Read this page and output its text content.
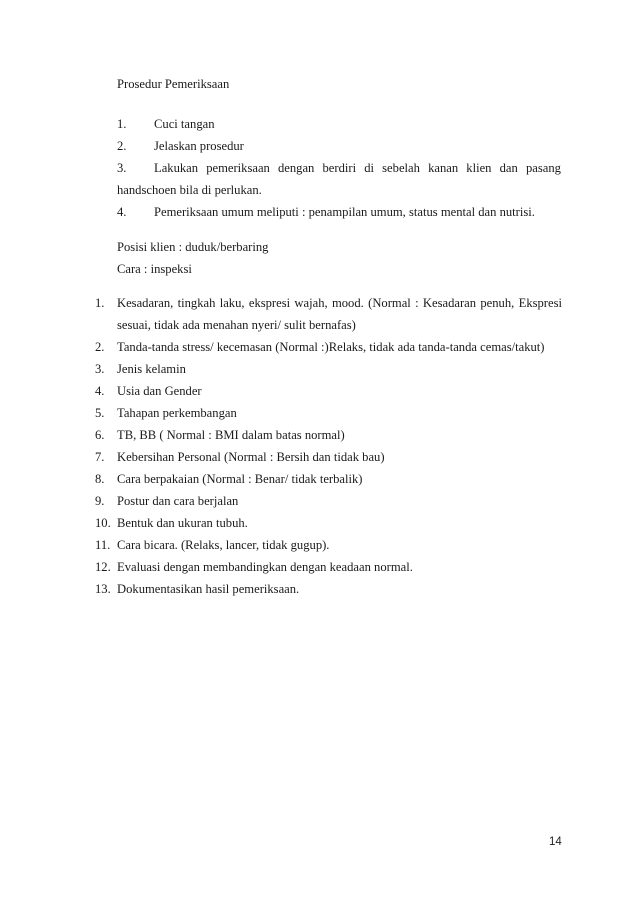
Prosedur Pemeriksaan
1. Cuci tangan
2. Jelaskan prosedur
3. Lakukan pemeriksaan dengan berdiri di sebelah kanan klien dan pasang
handschoen bila di perlukan.
4. Pemeriksaan umum meliputi : penampilan umum, status mental dan nutrisi.
Posisi klien : duduk/berbaring
Cara : inspeksi
1. Kesadaran, tingkah laku, ekspresi wajah, mood. (Normal : Kesadaran penuh, Ekspresi sesuai, tidak ada menahan nyeri/ sulit bernafas)
2. Tanda-tanda stress/ kecemasan (Normal :)Relaks, tidak ada tanda-tanda cemas/takut)
3. Jenis kelamin
4. Usia dan Gender
5. Tahapan perkembangan
6. TB, BB ( Normal : BMI dalam batas normal)
7. Kebersihan Personal (Normal : Bersih dan tidak bau)
8. Cara berpakaian (Normal : Benar/ tidak terbalik)
9. Postur dan cara berjalan
10. Bentuk dan ukuran tubuh.
11. Cara bicara. (Relaks, lancer, tidak gugup).
12. Evaluasi dengan membandingkan dengan keadaan normal.
13. Dokumentasikan hasil pemeriksaan.
14
